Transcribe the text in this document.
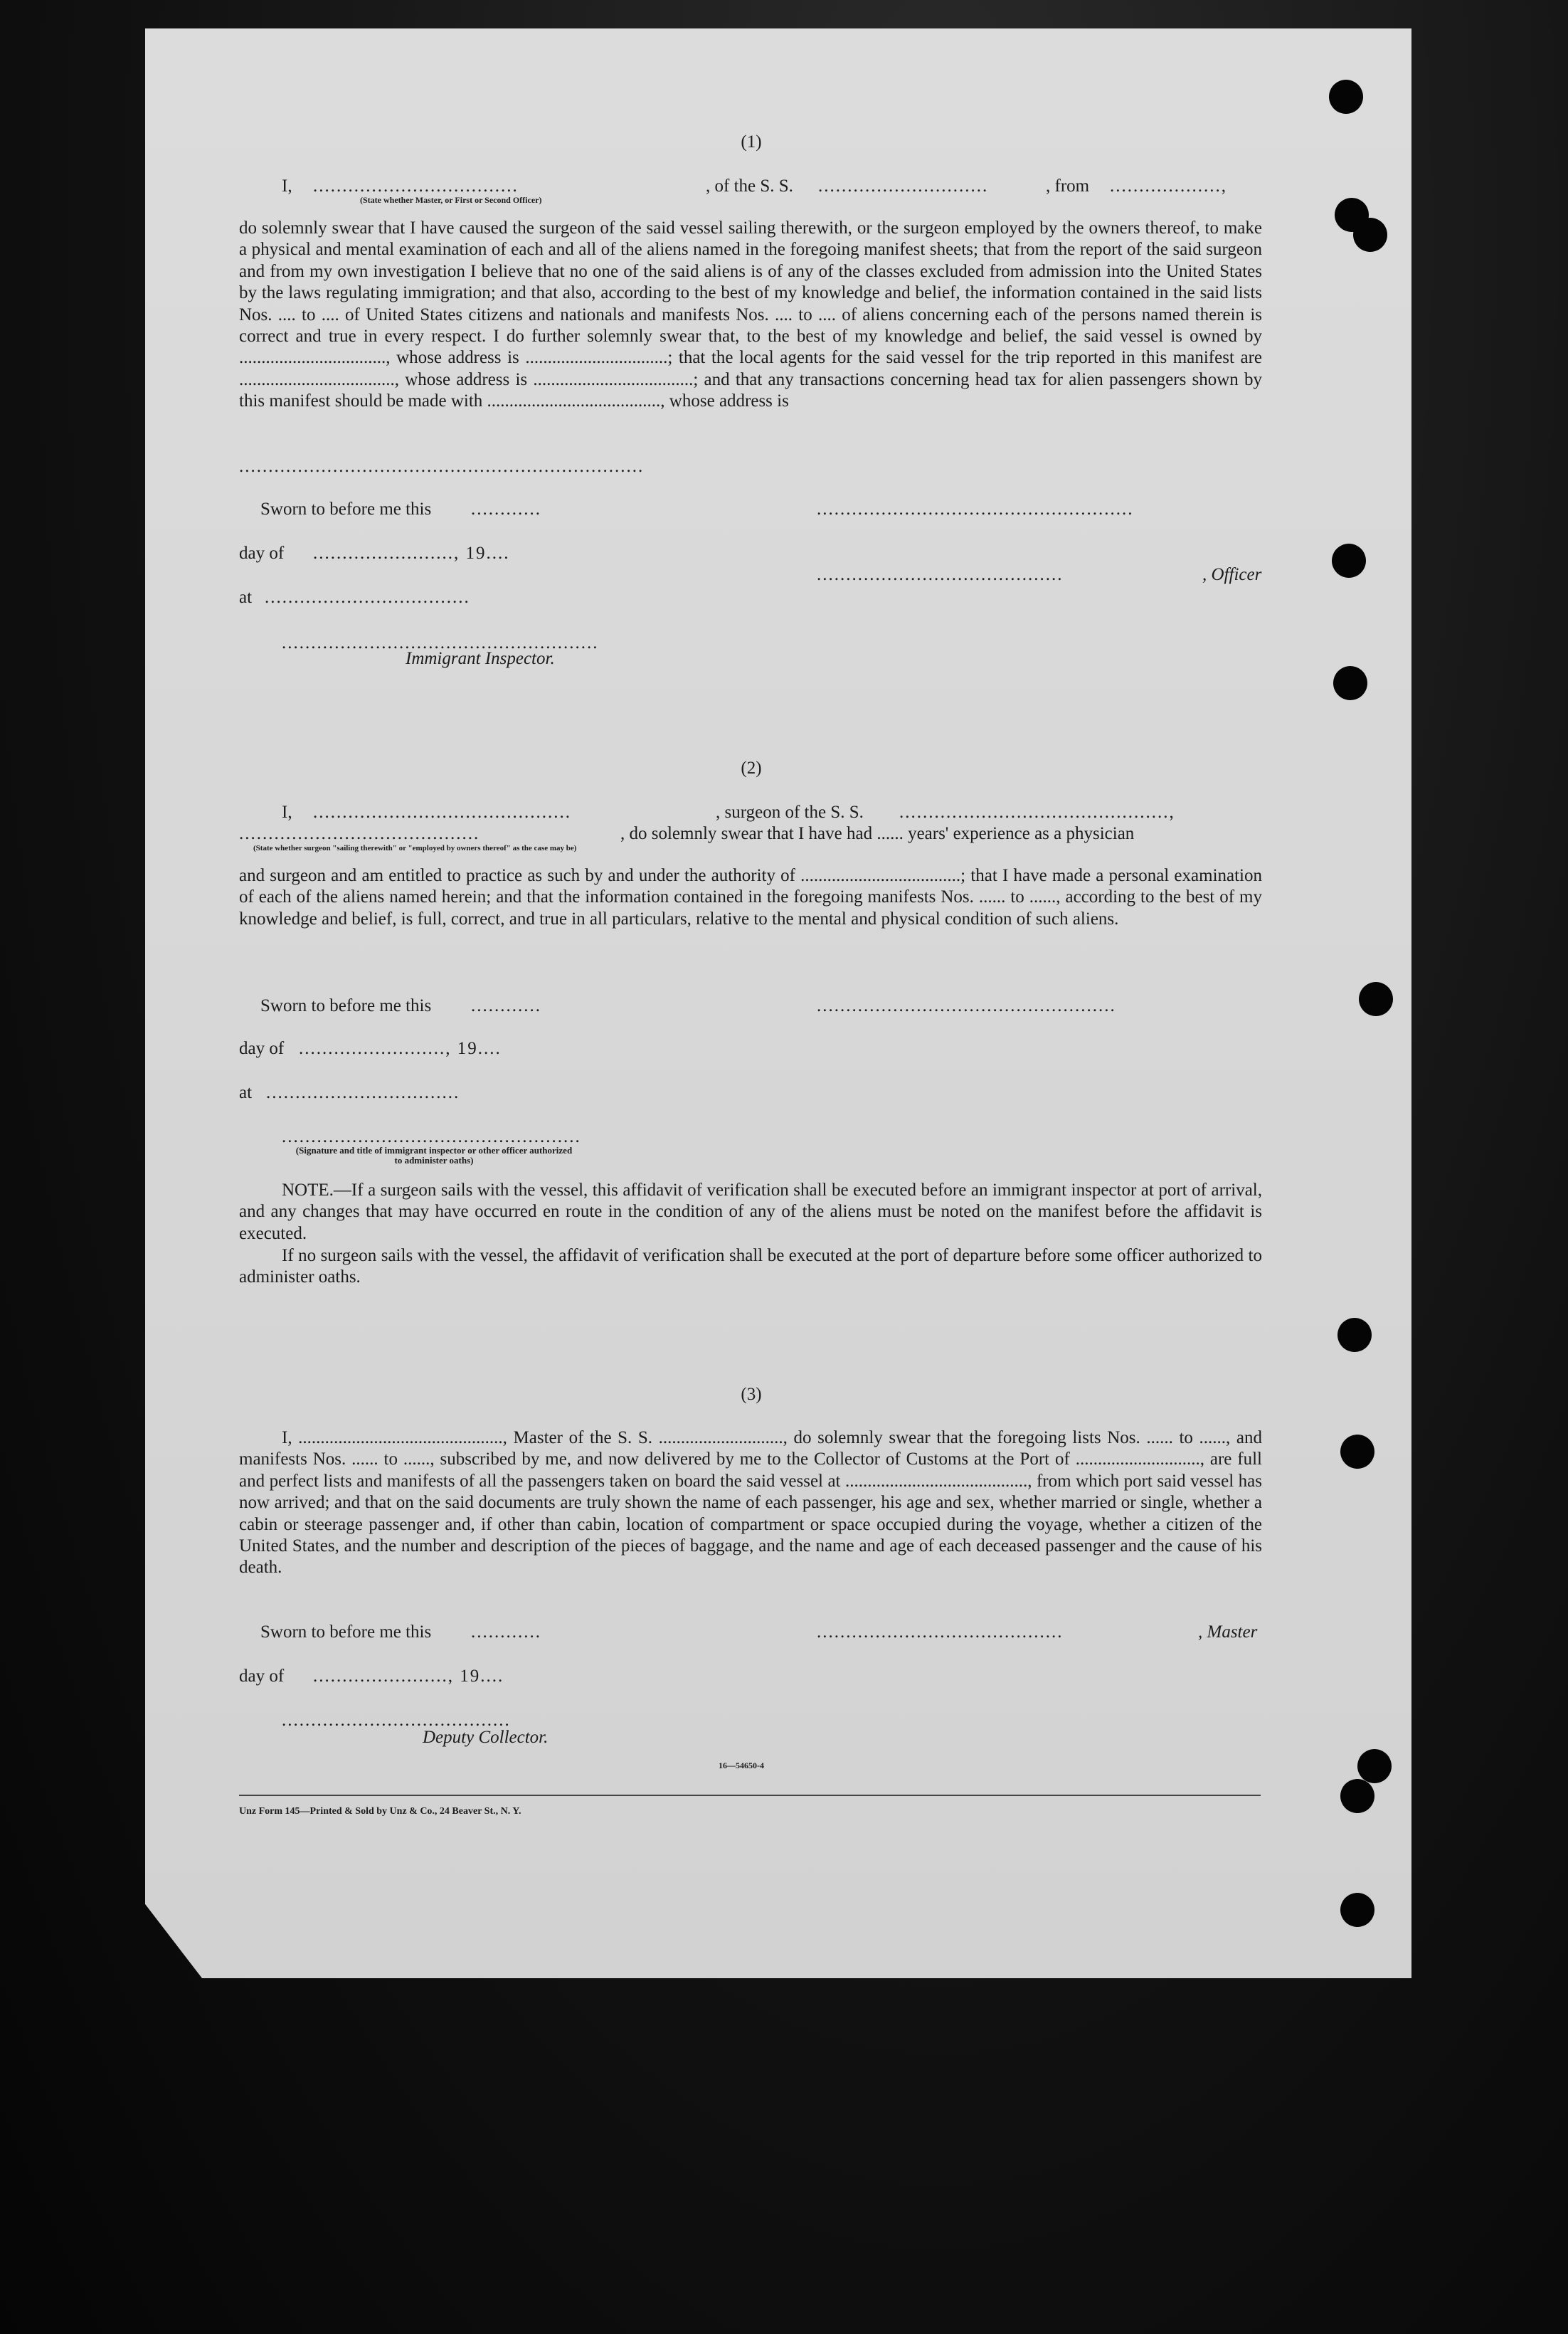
(1)
I, ...................................	, of the S. S. .............................	, from ...................,
(State whether Master, or First or Second Officer)
do solemnly swear that I have caused the surgeon of the said vessel sailing therewith, or the surgeon employed by the owners thereof, to make a physical and mental examination of each and all of the aliens named in the foregoing manifest sheets; that from the report of the said surgeon and from my own investigation I believe that no one of the said aliens is of any of the classes excluded from admission into the United States by the laws regulating immigration; and that also, according to the best of my knowledge and belief, the information contained in the said lists Nos. .... to .... of United States citizens and nationals and manifests Nos. .... to .... of aliens concerning each of the persons named therein is correct and true in every respect. I do further solemnly swear that, to the best of my knowledge and belief, the said vessel is owned by ................................., whose address is ................................; that the local agents for the said vessel for the trip reported in this manifest are ..................................., whose address is ....................................; and that any transactions concerning head tax for alien passengers shown by this manifest should be made with ......................................., whose address is
.....................................................................
Sworn to before me this ............	......................................................
day of ........................, 19....
..........................................	, Officer
at ...................................
......................................................
Immigrant Inspector.
(2)
I, ............................................	, surgeon of the S. S. ..............................................,
.........................................	, do solemnly swear that I have had ...... years' experience as a physician
(State whether surgeon "sailing therewith" or "employed by owners thereof" as the case may be)
and surgeon and am entitled to practice as such by and under the authority of ....................................; that I have made a personal examination of each of the aliens named herein; and that the information contained in the foregoing manifests Nos. ...... to ......, according to the best of my knowledge and belief, is full, correct, and true in all particulars, relative to the mental and physical condition of such aliens.
Sworn to before me this ............	...................................................
day of ........................., 19....
at .................................
...................................................
(Signature and title of immigrant inspector or other officer authorized to administer oaths)
NOTE.—If a surgeon sails with the vessel, this affidavit of verification shall be executed before an immigrant inspector at port of arrival, and any changes that may have occurred en route in the condition of any of the aliens must be noted on the manifest before the affidavit is executed.
If no surgeon sails with the vessel, the affidavit of verification shall be executed at the port of departure before some officer authorized to administer oaths.
(3)
I, .............................................., Master of the S. S. ............................, do solemnly swear that the foregoing lists Nos. ...... to ......, and manifests Nos. ...... to ......, subscribed by me, and now delivered by me to the Collector of Customs at the Port of ............................, are full and perfect lists and manifests of all the passengers taken on board the said vessel at ........................................., from which port said vessel has now arrived; and that on the said documents are truly shown the name of each passenger, his age and sex, whether married or single, whether a cabin or steerage passenger and, if other than cabin, location of compartment or space occupied during the voyage, whether a citizen of the United States, and the number and description of the pieces of baggage, and the name and age of each deceased passenger and the cause of his death.
Sworn to before me this ............	..........................................	, Master
day of ......................., 19....
.......................................
Deputy Collector.
16—54650-4
Unz Form 145—Printed & Sold by Unz & Co., 24 Beaver St., N. Y.
